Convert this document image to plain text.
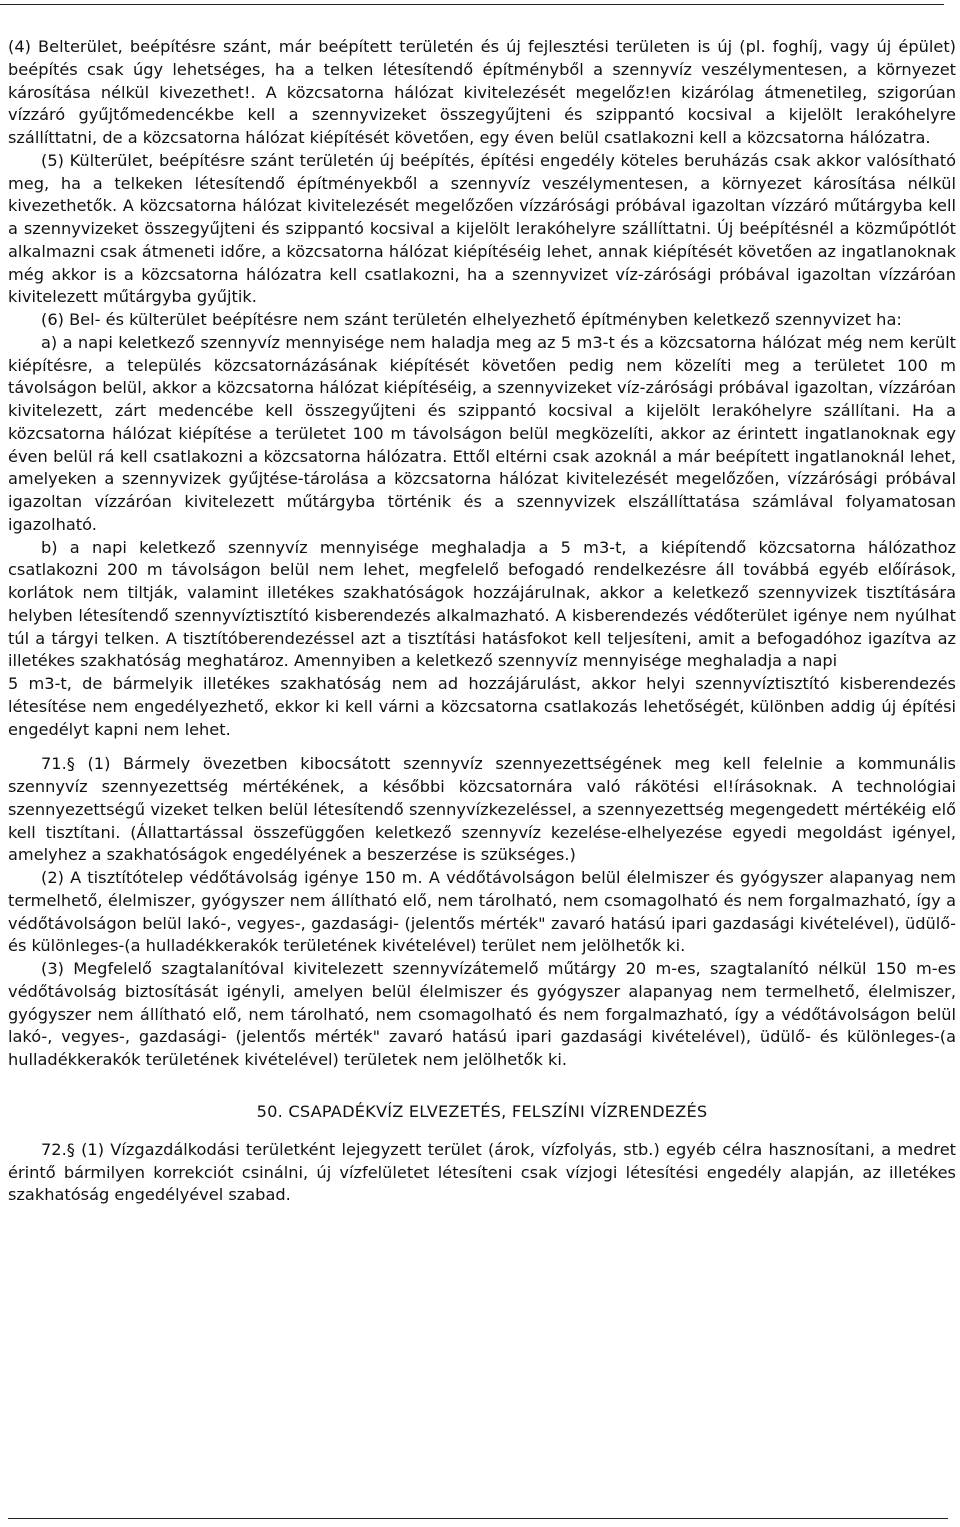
(4) Belterület, beépítésre szánt, már beépített területén és új fejlesztési területen is új (pl. foghíj, vagy új épület) beépítés csak úgy lehetséges, ha a telken létesítendő építményből a szennyvíz veszélymentesen, a környezet károsítása nélkül kivezethet!. A közcsatorna hálózat kivitelezését megelőz!en kizárólag átmenetileg, szigorúan vízzáró gyűjtőmedencékbe kell a szennyvizeket összegyűjteni és szippantó kocsival a kijelölt lerakóhelyre szállíttatni, de a közcsatorna hálózat kiépítését követően, egy éven belül csatlakozni kell a közcsatorna hálózatra.

(5) Külterület, beépítésre szánt területén új beépítés, építési engedély köteles beruházás csak akkor valósítható meg, ha a telkeken létesítendő építményekből a szennyvíz veszélymentesen, a környezet károsítása nélkül kivezethetők. A közcsatorna hálózat kivitelezését megelőzően vízzárósági próbával igazoltan vízzáró műtárgyba kell a szennyvizeket összegyűjteni és szippantó kocsival a kijelölt lerakóhelyre szállíttatni. Új beépítésnél a közműpótlót alkalmazni csak átmeneti időre, a közcsatorna hálózat kiépítéséig lehet, annak kiépítését követően az ingatlanoknak még akkor is a közcsatorna hálózatra kell csatlakozni, ha a szennyvizet víz-zárósági próbával igazoltan vízzáróan kivitelezett műtárgyba gyűjtik.

(6) Bel- és külterület beépítésre nem szánt területén elhelyezhető építményben keletkező szennyvizet ha:

a) a napi keletkező szennyvíz mennyisége nem haladja meg az 5 m3-t és a közcsatorna hálózat még nem került kiépítésre, a település közcsatornázásának kiépítését követően pedig nem közelíti meg a területet 100 m távolságon belül, akkor a közcsatorna hálózat kiépítéséig, a szennyvizeket víz-zárósági próbával igazoltan, vízzáróan kivitelezett, zárt medencébe kell összegyűjteni és szippantó kocsival a kijelölt lerakóhelyre szállítani. Ha a közcsatorna hálózat kiépítése a területet 100 m távolságon belül megközelíti, akkor az érintett ingatlanoknak egy éven belül rá kell csatlakozni a közcsatorna hálózatra. Ettől eltérni csak azoknál a már beépített ingatlanoknál lehet, amelyeken a szennyvizek gyűjtése-tárolása a közcsatorna hálózat kivitelezését megelőzően, vízzárósági próbával igazoltan vízzáróan kivitelezett műtárgyba történik és a szennyvizek elszállíttatása számlával folyamatosan igazolható.

b) a napi keletkező szennyvíz mennyisége meghaladja a 5 m3-t, a kiépítendő közcsatorna hálózathoz csatlakozni 200 m távolságon belül nem lehet, megfelelő befogadó rendelkezésre áll továbbá egyéb előírások, korlátok nem tiltják, valamint illetékes szakhatóságok hozzájárulnak, akkor a keletkező szennyvizek tisztítására helyben létesítendő szennyvíztisztító kisberendezés alkalmazható. A kisberendezés védőterület igénye nem nyúlhat túl a tárgyi telken. A tisztítóberendezéssel azt a tisztítási hatásfokot kell teljesíteni, amit a befogadóhoz igazítva az illetékes szakhatóság meghatároz. Amennyiben a keletkező szennyvíz mennyisége meghaladja a napi

5 m3-t, de bármelyik illetékes szakhatóság nem ad hozzájárulást, akkor helyi szennyvíztisztító kisberendezés létesítése nem engedélyezhető, ekkor ki kell várni a közcsatorna csatlakozás lehetőségét, különben addig új építési engedélyt kapni nem lehet.

71.§ (1) Bármely övezetben kibocsátott szennyvíz szennyezettségének meg kell felelnie a kommunális szennyvíz szennyezettség mértékének, a későbbi közcsatornára való rákötési el!írásoknak. A technológiai szennyezettségű vizeket telken belül létesítendő szennyvízkezeléssel, a szennyezettség megengedett mértékéig elő kell tisztítani. (Állattartással összefüggően keletkező szennyvíz kezelése-elhelyezése egyedi megoldást igényel, amelyhez a szakhatóságok engedélyének a beszerzése is szükséges.)

(2) A tisztítótelep védőtávolság igénye 150 m. A védőtávolságon belül élelmiszer és gyógyszer alapanyag nem termelhető, élelmiszer, gyógyszer nem állítható elő, nem tárolható, nem csomagolható és nem forgalmazható, így a védőtávolságon belül lakó-, vegyes-, gazdasági- (jelentős mérték" zavaró hatású ipari gazdasági kivételével), üdülő- és különleges-(a hulladékkerakók területének kivételével) terület nem jelölhetők ki.

(3) Megfelelő szagtalanítóval kivitelezett szennyvízátemelő műtárgy 20 m-es, szagtalanító nélkül 150 m-es védőtávolság biztosítását igényli, amelyen belül élelmiszer és gyógyszer alapanyag nem termelhető, élelmiszer, gyógyszer nem állítható elő, nem tárolható, nem csomagolható és nem forgalmazható, így a védőtávolságon belül lakó-, vegyes-, gazdasági- (jelentős mérték" zavaró hatású ipari gazdasági kivételével), üdülő- és különleges-(a hulladékkerakók területének kivételével) területek nem jelölhetők ki.

50. CSAPADÉKVÍZ ELVEZETÉS, FELSZÍNI VÍZRENDEZÉS

72.§ (1) Vízgazdálkodási területként lejegyzett terület (árok, vízfolyás, stb.) egyéb célra hasznosítani, a medret érintő bármilyen korrekciót csinálni, új vízfelületet létesíteni csak vízjogi létesítési engedély alapján, az illetékes szakhatóság engedélyével szabad.
